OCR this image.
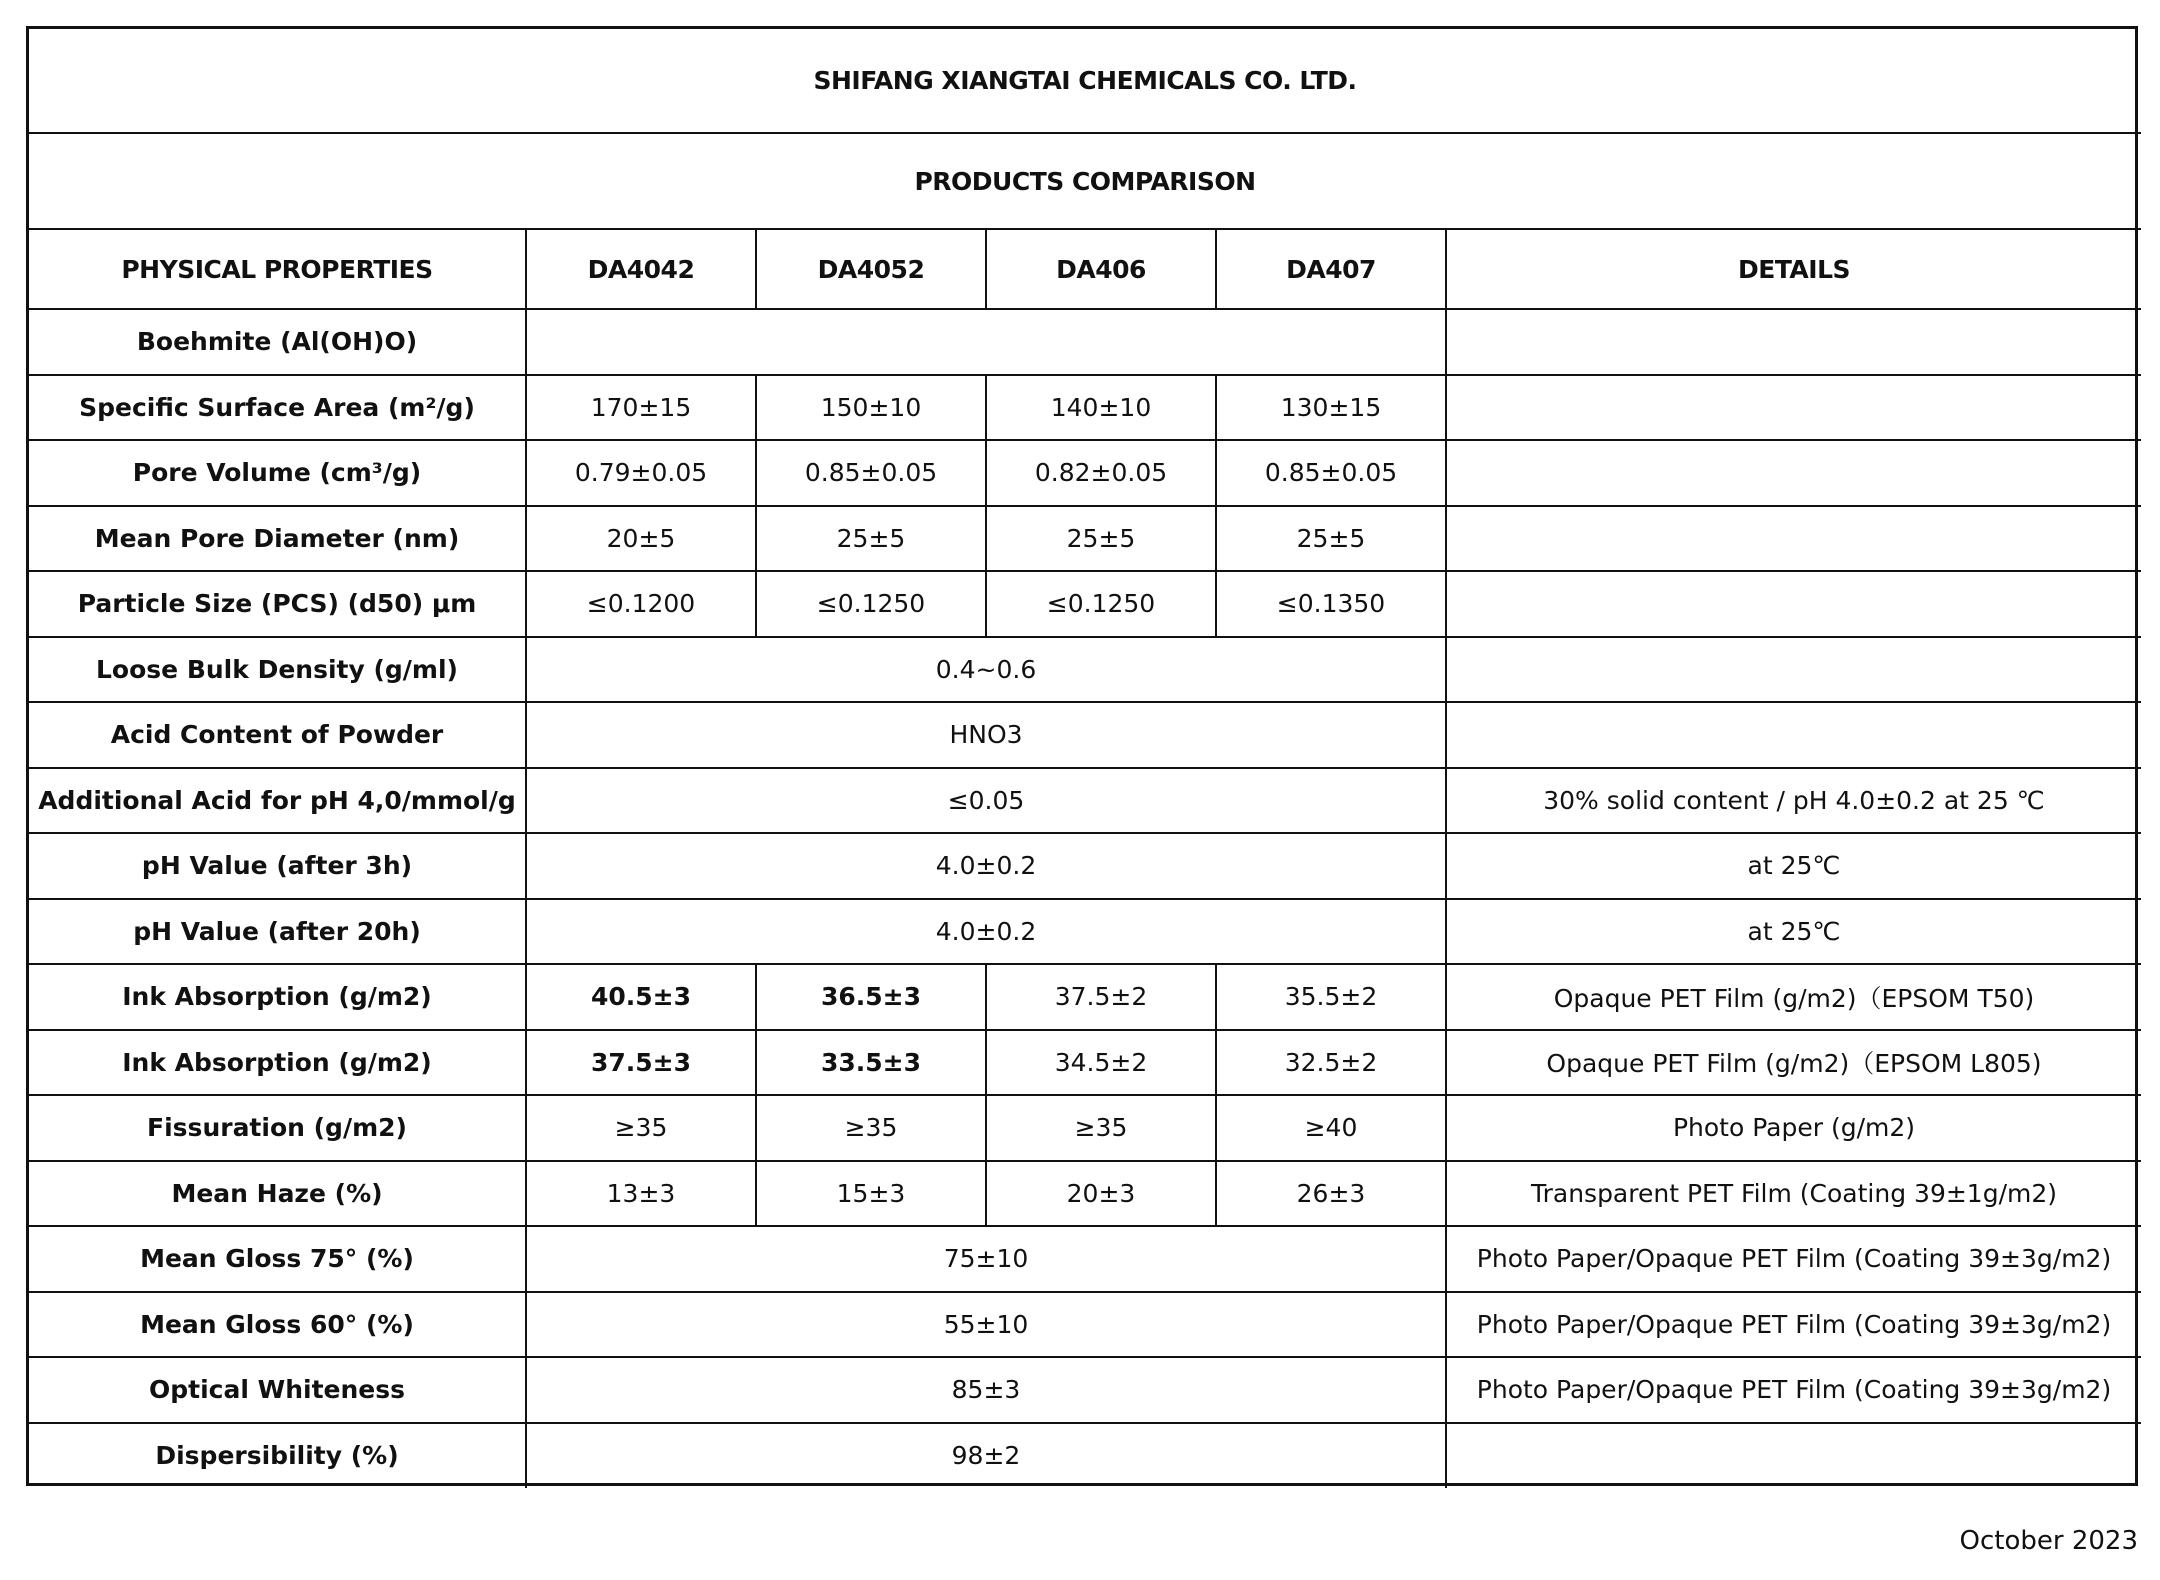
SHIFANG XIANGTAI CHEMICALS CO. LTD.					
PRODUCTS COMPARISON					
PHYSICAL PROPERTIES	DA4042	DA4052	DA406	DA407	DETAILS
Boehmite (Al(OH)O)					
Specific Surface Area (m²/g)	170±15	150±10	140±10	130±15	
Pore Volume (cm³/g)	0.79±0.05	0.85±0.05	0.82±0.05	0.85±0.05	
Mean Pore Diameter (nm)	20±5	25±5	25±5	25±5	
Particle Size (PCS) (d50) μm	≤0.1200	≤0.1250	≤0.1250	≤0.1350	
Loose Bulk Density (g/ml)	0.4~0.6				
Acid Content of Powder	HNO3				
Additional Acid for pH 4,0/mmol/g	≤0.05				30% solid content / pH 4.0±0.2 at 25 ℃
pH Value (after 3h)	4.0±0.2				at 25℃
pH Value (after 20h)	4.0±0.2				at 25℃
Ink Absorption (g/m2)	40.5±3	36.5±3	37.5±2	35.5±2	Opaque PET Film (g/m2)（EPSOM T50)
Ink Absorption (g/m2)	37.5±3	33.5±3	34.5±2	32.5±2	Opaque PET Film (g/m2)（EPSOM L805)
Fissuration (g/m2)	≥35	≥35	≥35	≥40	Photo Paper (g/m2)
Mean Haze (%)	13±3	15±3	20±3	26±3	Transparent PET Film (Coating 39±1g/m2)
Mean Gloss 75° (%)	75±10				Photo Paper/Opaque PET Film (Coating 39±3g/m2)
Mean Gloss 60° (%)	55±10				Photo Paper/Opaque PET Film (Coating 39±3g/m2)
Optical Whiteness	85±3				Photo Paper/Opaque PET Film (Coating 39±3g/m2)
Dispersibility (%)	98±2				
October 2023
